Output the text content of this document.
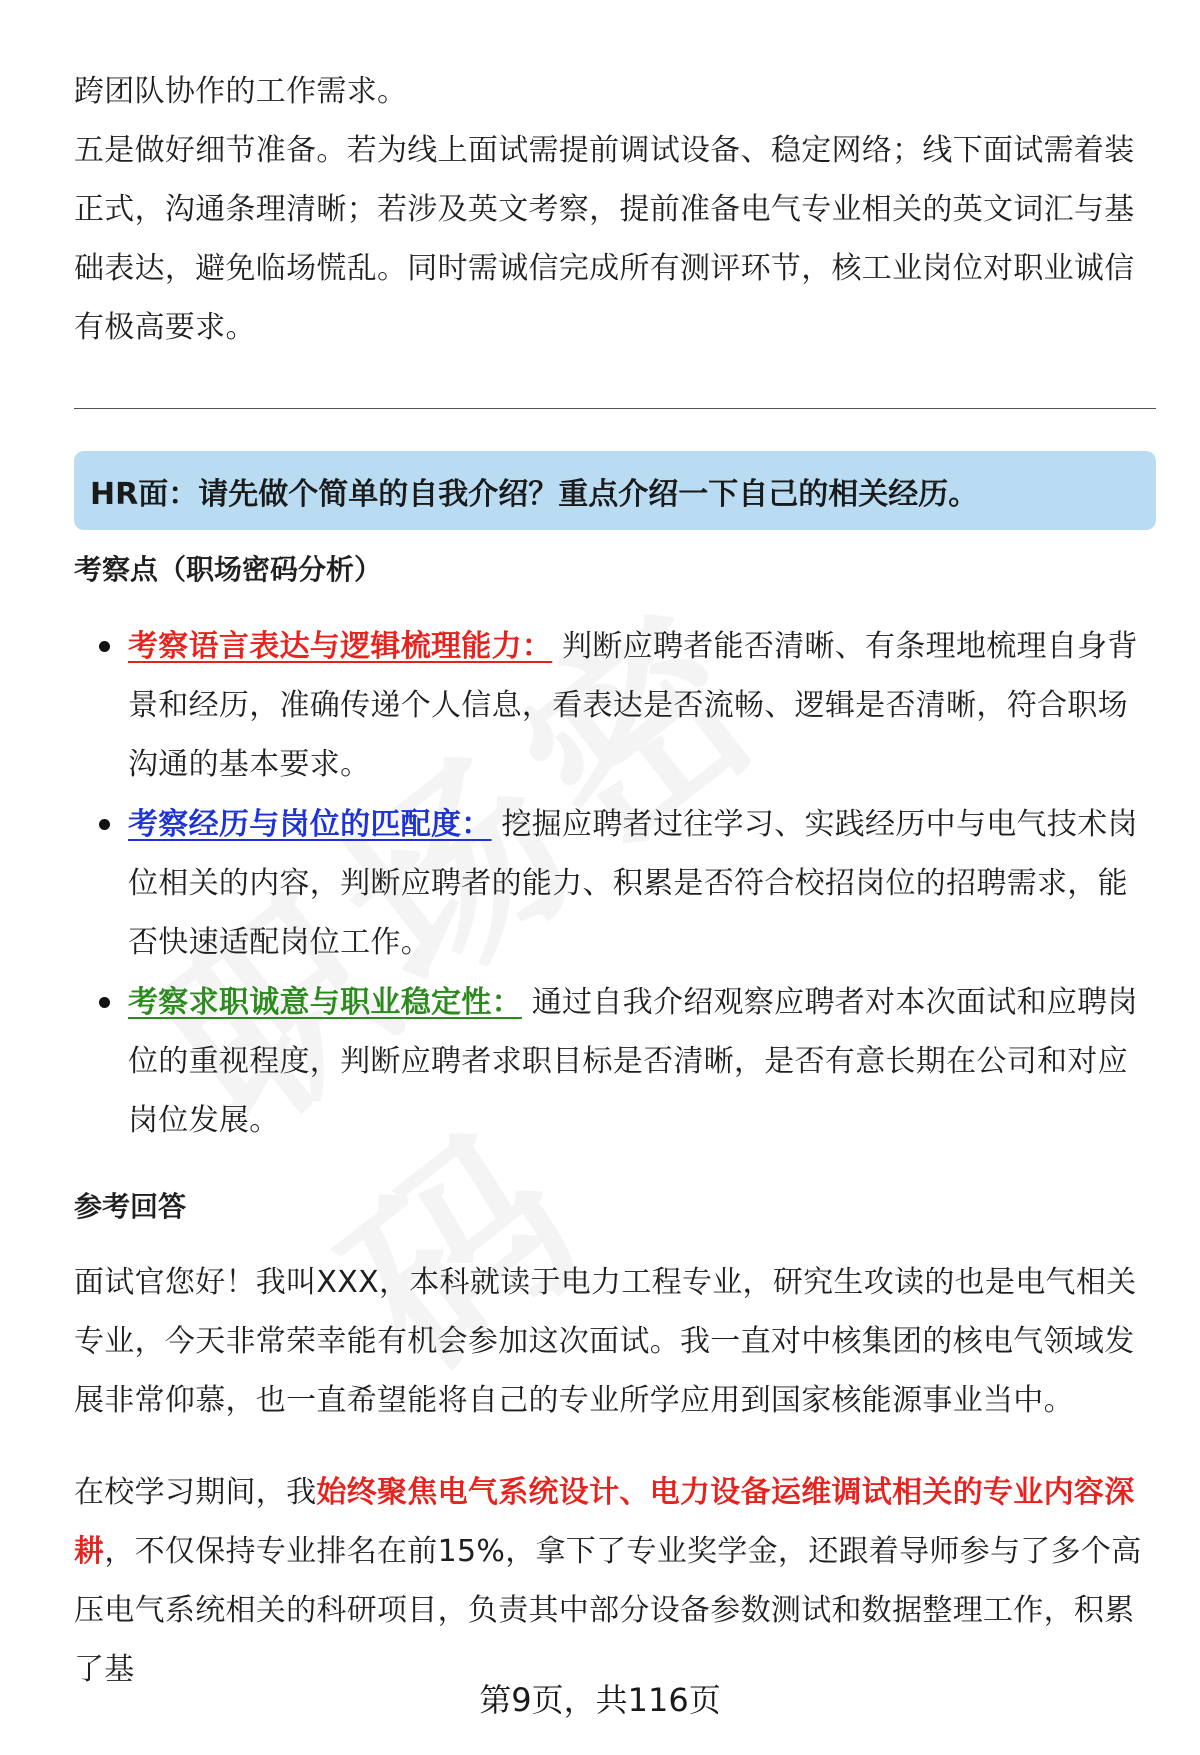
跨团队协作的工作需求。

五是做好细节准备。若为线上面试需提前调试设备、稳定网络；线下面试需着装正式，沟通条理清晰；若涉及英文考察，提前准备电气专业相关的英文词汇与基础表达，避免临场慌乱。同时需诚信完成所有测评环节，核工业岗位对职业诚信有极高要求。

HR面：请先做个简单的自我介绍？重点介绍一下自己的相关经历。
考察点（职场密码分析）
考察语言表达与逻辑梳理能力： 判断应聘者能否清晰、有条理地梳理自身背景和经历，准确传递个人信息，看表达是否流畅、逻辑是否清晰，符合职场沟通的基本要求。
考察经历与岗位的匹配度： 挖掘应聘者过往学习、实践经历中与电气技术岗位相关的内容，判断应聘者的能力、积累是否符合校招岗位的招聘需求，能否快速适配岗位工作。
考察求职诚意与职业稳定性： 通过自我介绍观察应聘者对本次面试和应聘岗位的重视程度，判断应聘者求职目标是否清晰，是否有意长期在公司和对应岗位发展。
参考回答

面试官您好！我叫XXX，本科就读于电力工程专业，研究生攻读的也是电气相关专业，今天非常荣幸能有机会参加这次面试。我一直对中核集团的核电气领域发展非常仰慕，也一直希望能将自己的专业所学应用到国家核能源事业当中。

在校学习期间，我始终聚焦电气系统设计、电力设备运维调试相关的专业内容深耕，不仅保持专业排名在前15%，拿下了专业奖学金，还跟着导师参与了多个高压电气系统相关的科研项目，负责其中部分设备参数测试和数据整理工作，积累了基

第9页，共116页
